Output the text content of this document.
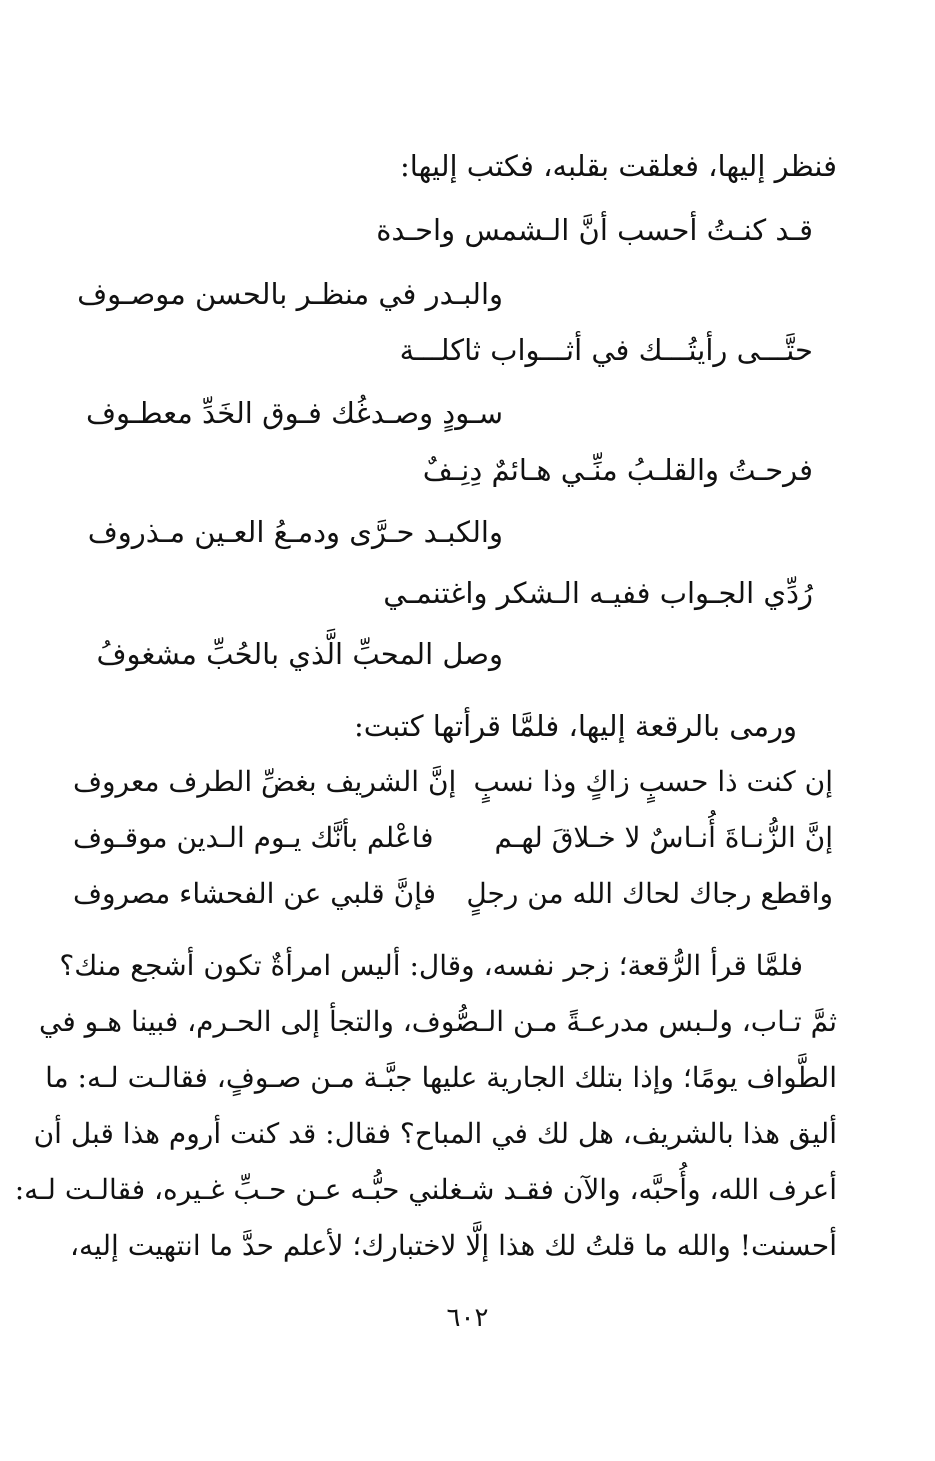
فنظر إليها، فعلقت بقلبه، فكتب إليها:
قـد كنـتُ أحسب أنَّ الـشمس واحـدة
والبـدر في منظـر بالحسن موصـوف
حتَّـــى رأيتُـــك في أثـــواب ثاكلـــة
سـودٍ وصـدغُك فـوق الخَدِّ معطـوف
فرحـتُ والقلـبُ منِّـي هـائمٌ دِنِـفٌ
والكبـد حـرَّى ودمـعُ العـين مـذروف
رُدِّي الجـواب ففيـه الـشكر واغتنمـي
وصل المحبِّ الَّذي بالحُبِّ مشغوفُ
ورمى بالرقعة إليها، فلمَّا قرأتها كتبت:
إن كنت ذا حسبٍ زاكٍ وذا نسبٍ
إنَّ الشريف بغضِّ الطرف معروف
إنَّ الزُّنـاةَ أُنـاسٌ لا خـلاقَ لهـم
فاعْلم بأنَّك يـوم الـدين موقـوف
واقطع رجاك لحاك الله من رجلٍ
فإنَّ قلبي عن الفحشاء مصروف
فلمَّا قرأ الرُّقعة؛ زجر نفسه، وقال: أليس امرأةٌ تكون أشجع منك؟
ثمَّ تـاب، ولـبس مدرعـةً مـن الـصُّوف، والتجأ إلى الحـرم، فبينا هـو في
الطَّواف يومًا؛ وإذا بتلك الجارية عليها جبَّـة مـن صـوفٍ، فقالـت لـه: ما
أليق هذا بالشريف، هل لك في المباح؟ فقال: قد كنت أروم هذا قبل أن
أعرف الله، وأُحبَّه، والآن فقـد شـغلني حبُّـه عـن حـبِّ غـيره، فقالـت لـه:
أحسنت! والله ما قلتُ لك هذا إلَّا لاختبارك؛ لأعلم حدَّ ما انتهيت إليه،
٦٠٢
